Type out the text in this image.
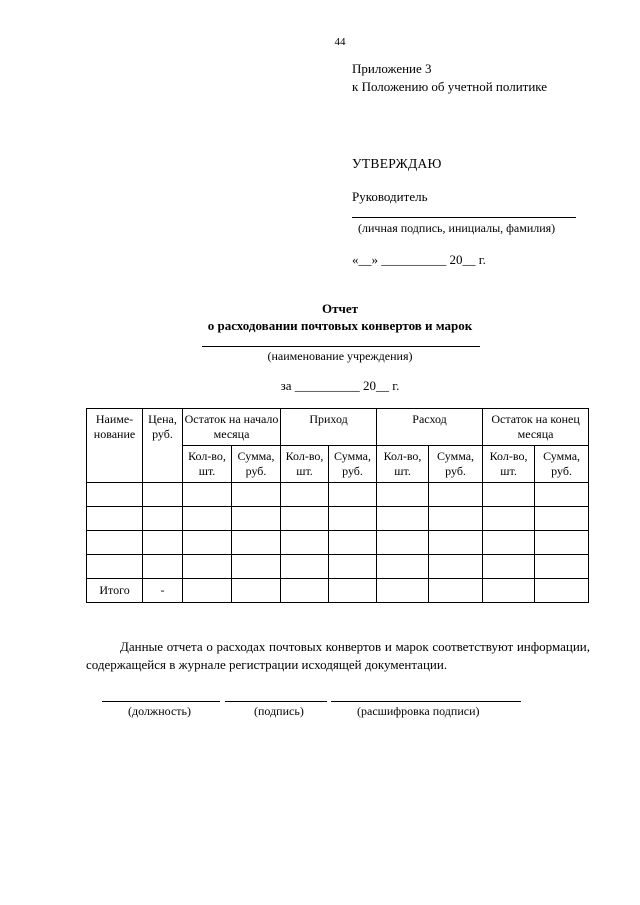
44
Приложение 3
к Положению об учетной политике
УТВЕРЖДАЮ
Руководитель
(личная подпись, инициалы, фамилия)
«__» __________ 20__ г.
Отчет
о расходовании почтовых конвертов и марок
(наименование учреждения)
за __________ 20__ г.
Наиме-нование	Цена, руб.	Остаток на начало месяца		Приход		Расход		Остаток на конец месяца	
		Кол-во, шт.	Сумма, руб.	Кол-во, шт.	Сумма, руб.	Кол-во, шт.	Сумма, руб.	Кол-во, шт.	Сумма, руб.

Итого	-								
Данные отчета о расходах почтовых конвертов и марок соответствуют информации, содержащейся в журнале регистрации исходящей документации.
(должность)	(подпись)	(расшифровка подписи)
